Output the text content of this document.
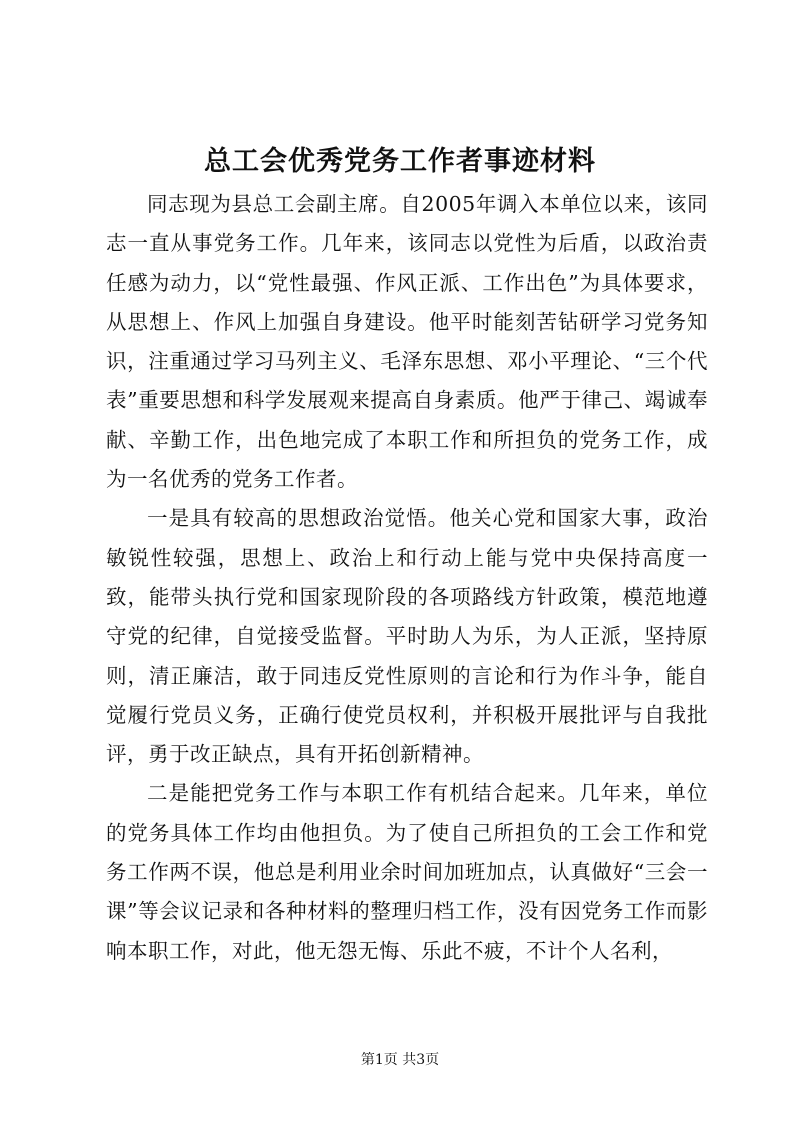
总工会优秀党务工作者事迹材料

同志现为县总工会副主席。自2005年调入本单位以来，该同志一直从事党务工作。几年来，该同志以党性为后盾，以政治责任感为动力，以“党性最强、作风正派、工作出色”为具体要求，从思想上、作风上加强自身建设。他平时能刻苦钻研学习党务知识，注重通过学习马列主义、毛泽东思想、邓小平理论、“三个代表”重要思想和科学发展观来提高自身素质。他严于律己、竭诚奉献、辛勤工作，出色地完成了本职工作和所担负的党务工作，成为一名优秀的党务工作者。

一是具有较高的思想政治觉悟。他关心党和国家大事，政治敏锐性较强，思想上、政治上和行动上能与党中央保持高度一致，能带头执行党和国家现阶段的各项路线方针政策，模范地遵守党的纪律，自觉接受监督。平时助人为乐，为人正派，坚持原则，清正廉洁，敢于同违反党性原则的言论和行为作斗争，能自觉履行党员义务，正确行使党员权利，并积极开展批评与自我批评，勇于改正缺点，具有开拓创新精神。

二是能把党务工作与本职工作有机结合起来。几年来，单位的党务具体工作均由他担负。为了使自己所担负的工会工作和党务工作两不误，他总是利用业余时间加班加点，认真做好“三会一课”等会议记录和各种材料的整理归档工作，没有因党务工作而影响本职工作，对此，他无怨无悔、乐此不疲，不计个人名利，

第1页 共3页
